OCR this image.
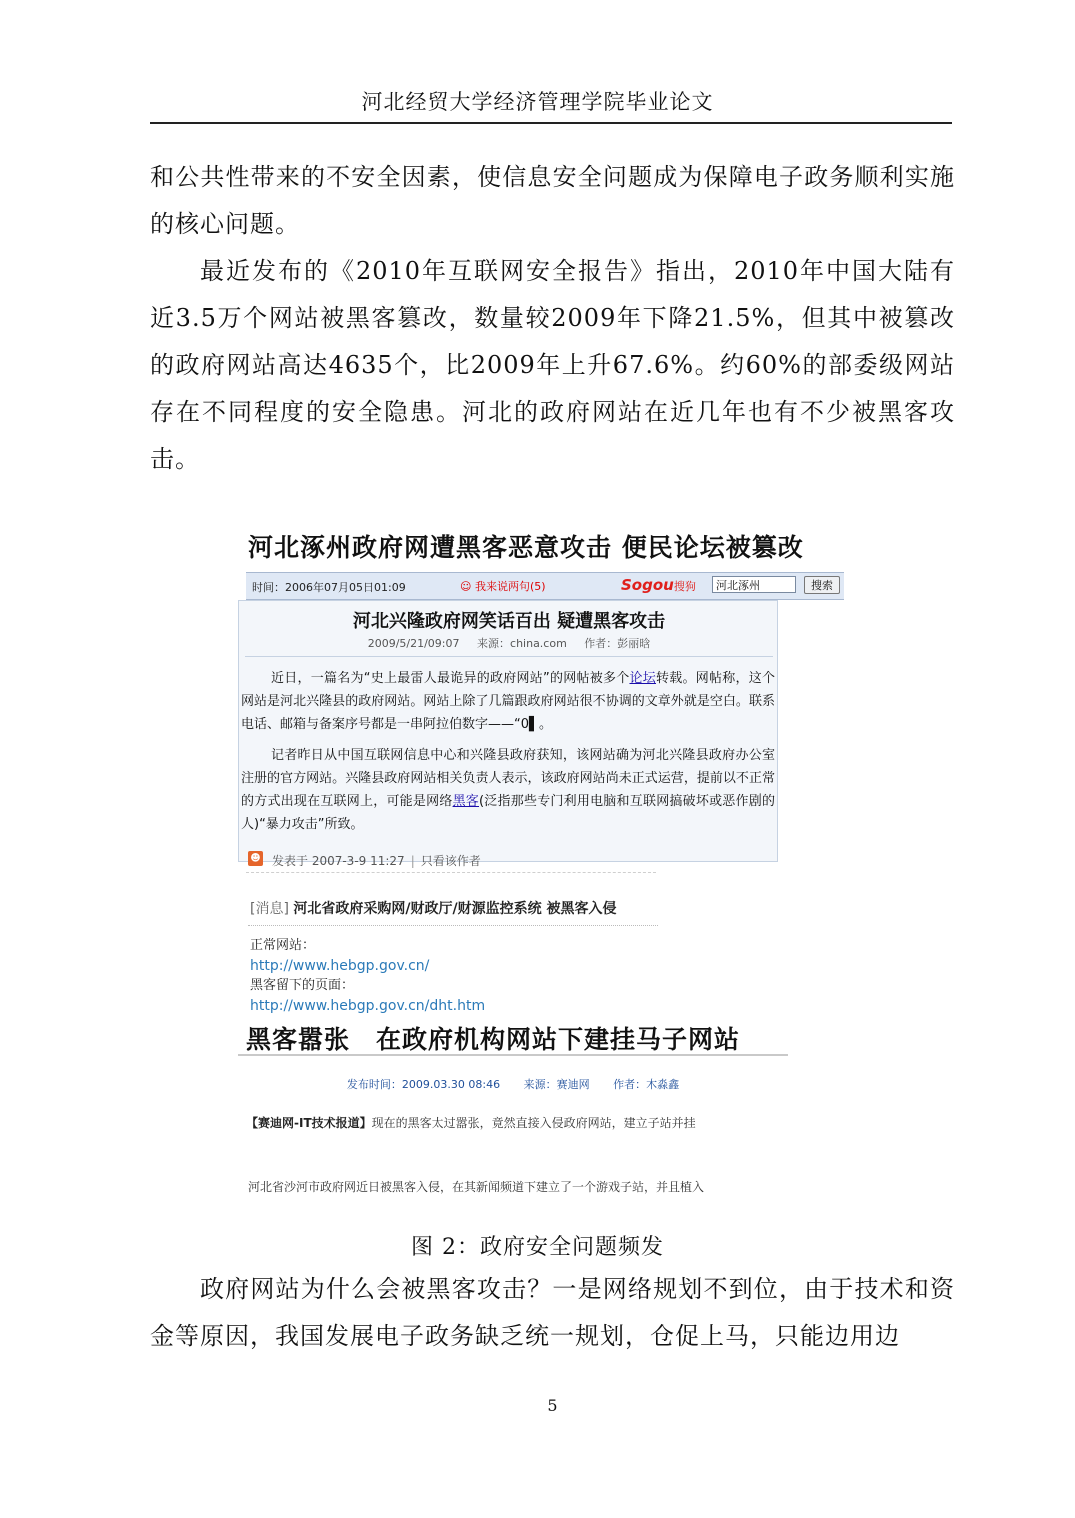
河北经贸大学经济管理学院毕业论文
和公共性带来的不安全因素，使信息安全问题成为保障电子政务顺利实施的核心问题。
最近发布的《2010年互联网安全报告》指出，2010年中国大陆有近3.5万个网站被黑客篡改，数量较2009年下降21.5%，但其中被篡改的政府网站高达4635个，比2009年上升67.6%。约60%的部委级网站存在不同程度的安全隐患。河北的政府网站在近几年也有不少被黑客攻击。
河北涿州政府网遭黑客恶意攻击 便民论坛被篡改
时间：2006年07月05日01:09	☺ 我来说两句(5)	Sogou搜狗	河北涿州	搜索
河北兴隆政府网笑话百出 疑遭黑客攻击
2009/5/21/09:07 来源：china.com 作者：彭丽晗

近日，一篇名为“史上最雷人最诡异的政府网站”的网帖被多个论坛转载。网帖称，这个网站是河北兴隆县的政府网站。网站上除了几篇跟政府网站很不协调的文章外就是空白。联系电话、邮箱与备案序号都是一串阿拉伯数字——“0▌。

记者昨日从中国互联网信息中心和兴隆县政府获知，该网站确为河北兴隆县政府办公室注册的官方网站。兴隆县政府网站相关负责人表示，该政府网站尚未正式运营，提前以不正常的方式出现在互联网上，可能是网络黑客(泛指那些专门利用电脑和互联网搞破坏或恶作剧的人)“暴力攻击”所致。

☻ 发表于 2007-3-9 11:27 | 只看该作者
[消息] 河北省政府采购网/财政厅/财源监控系统 被黑客入侵
正常网站：
http://www.hebgp.gov.cn/
黑客留下的页面：
http://www.hebgp.gov.cn/dht.htm
黑客嚣张　在政府机构网站下建挂马子网站
发布时间：2009.03.30 08:46 来源：赛迪网 作者：木淼鑫
【赛迪网-IT技术报道】现在的黑客太过嚣张，竟然直接入侵政府网站，建立子站并挂
河北省沙河市政府网近日被黑客入侵，在其新闻频道下建立了一个游戏子站，并且植入
图 2：政府安全问题频发
政府网站为什么会被黑客攻击？一是网络规划不到位，由于技术和资金等原因，我国发展电子政务缺乏统一规划，仓促上马，只能边用边
5
